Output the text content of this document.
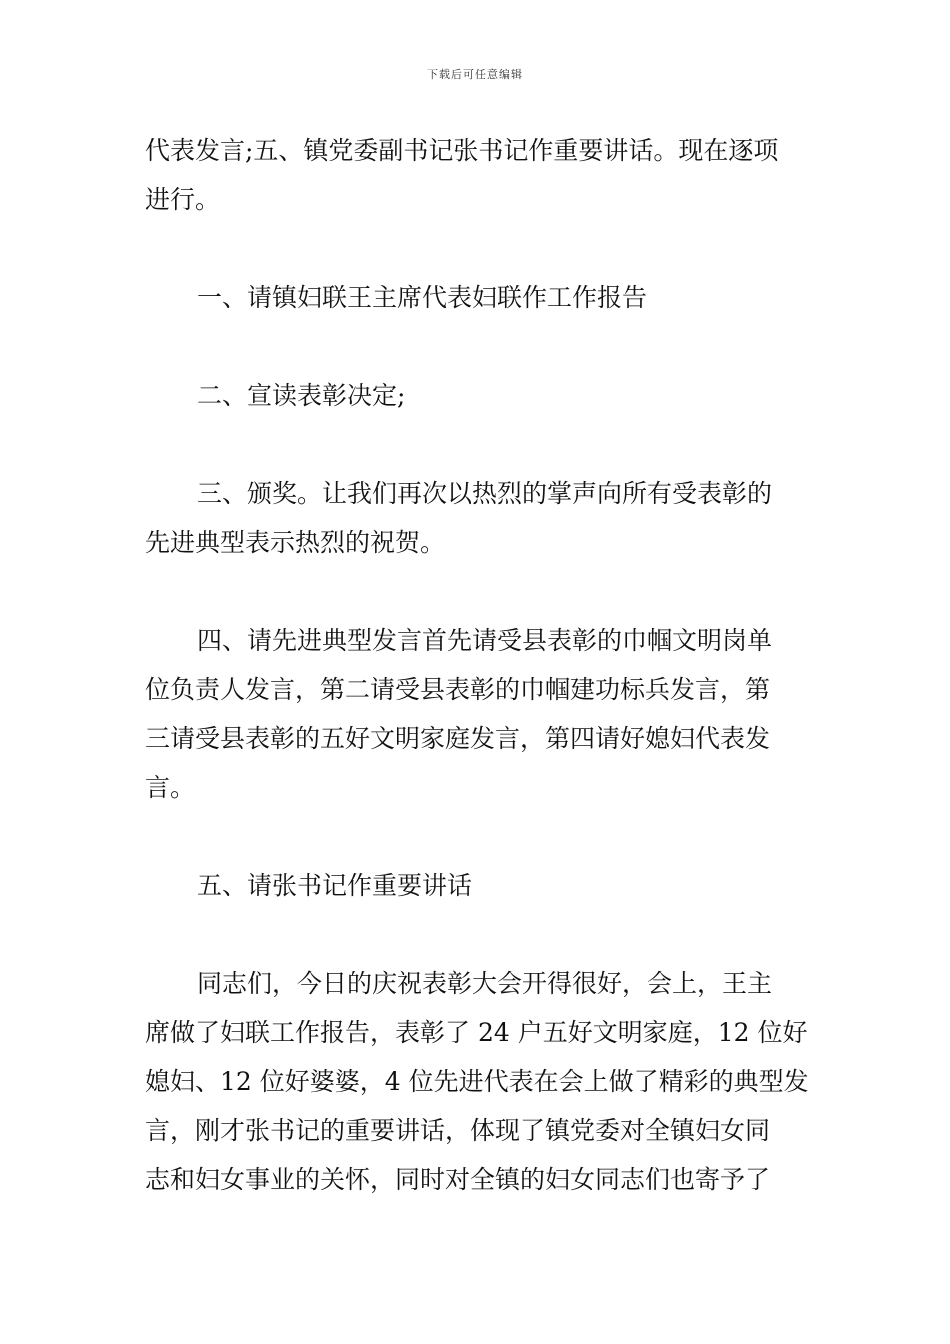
下载后可任意编辑

代表发言;五、镇党委副书记张书记作重要讲话。现在逐项
进行。

一、请镇妇联王主席代表妇联作工作报告

二、宣读表彰决定;

三、颁奖。让我们再次以热烈的掌声向所有受表彰的
先进典型表示热烈的祝贺。

四、请先进典型发言首先请受县表彰的巾帼文明岗单
位负责人发言，第二请受县表彰的巾帼建功标兵发言，第
三请受县表彰的五好文明家庭发言，第四请好媳妇代表发
言。

五、请张书记作重要讲话

同志们，今日的庆祝表彰大会开得很好，会上，王主
席做了妇联工作报告，表彰了 24 户五好文明家庭，12 位好
媳妇、12 位好婆婆，4 位先进代表在会上做了精彩的典型发
言，刚才张书记的重要讲话，体现了镇党委对全镇妇女同
志和妇女事业的关怀，同时对全镇的妇女同志们也寄予了
